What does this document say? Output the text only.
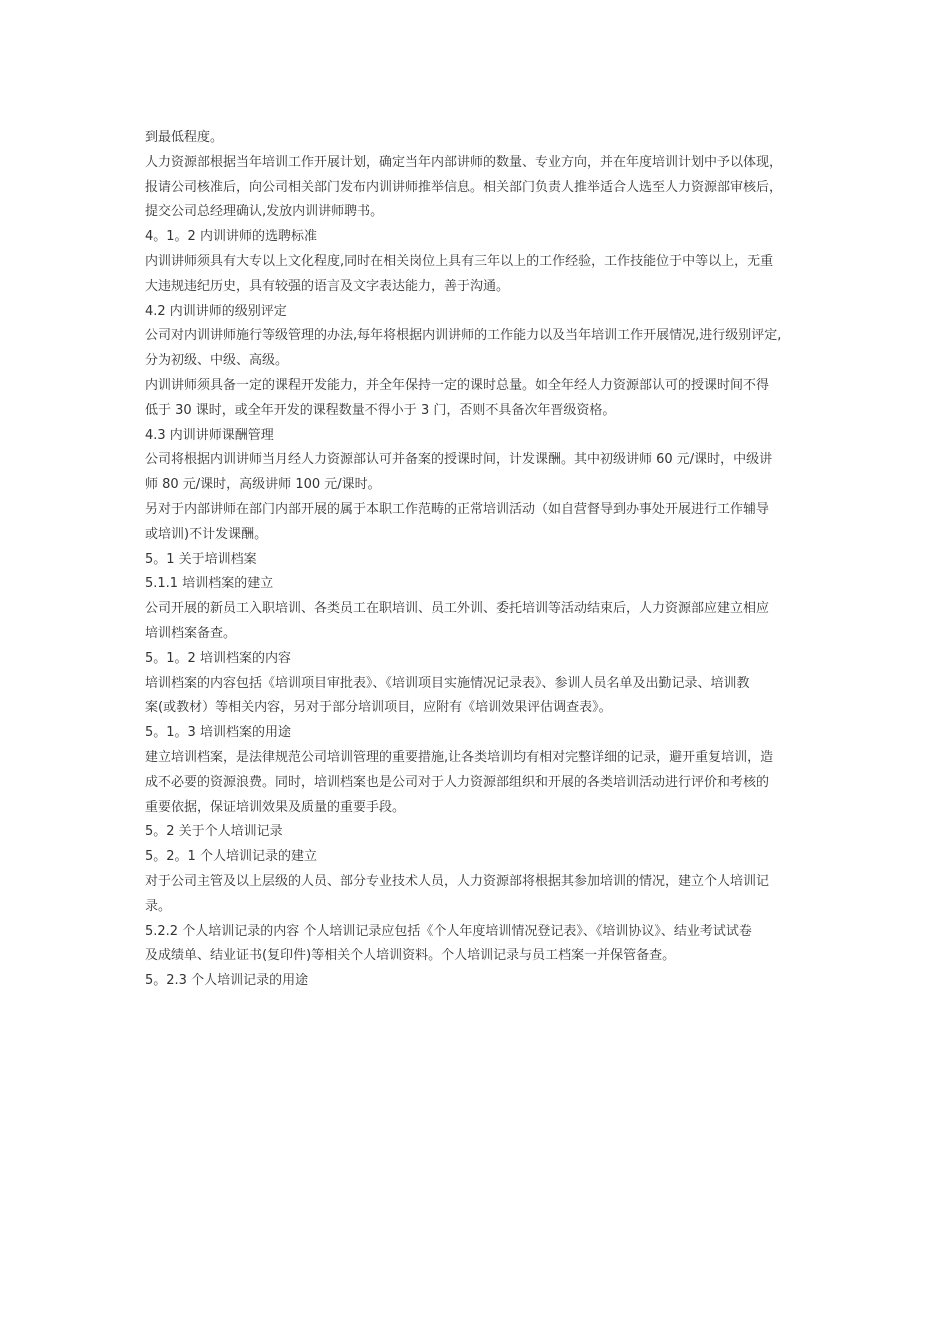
到最低程度。
人力资源部根据当年培训工作开展计划，确定当年内部讲师的数量、专业方向，并在年度培训计划中予以体现，
报请公司核准后，向公司相关部门发布内训讲师推举信息。相关部门负责人推举适合人选至人力资源部审核后，
提交公司总经理确认,发放内训讲师聘书。
4。1。2 内训讲师的选聘标准
内训讲师须具有大专以上文化程度,同时在相关岗位上具有三年以上的工作经验，工作技能位于中等以上，无重
大违规违纪历史，具有较强的语言及文字表达能力，善于沟通。
4.2 内训讲师的级别评定
公司对内训讲师施行等级管理的办法,每年将根据内训讲师的工作能力以及当年培训工作开展情况,进行级别评定,
分为初级、中级、高级。
内训讲师须具备一定的课程开发能力，并全年保持一定的课时总量。如全年经人力资源部认可的授课时间不得
低于 30 课时，或全年开发的课程数量不得小于 3 门，否则不具备次年晋级资格。
4.3 内训讲师课酬管理
公司将根据内训讲师当月经人力资源部认可并备案的授课时间，计发课酬。其中初级讲师 60 元/课时，中级讲
师 80 元/课时，高级讲师 100 元/课时。
另对于内部讲师在部门内部开展的属于本职工作范畴的正常培训活动（如自营督导到办事处开展进行工作辅导
或培训)不计发课酬。
5。1 关于培训档案
5.1.1 培训档案的建立
公司开展的新员工入职培训、各类员工在职培训、员工外训、委托培训等活动结束后，人力资源部应建立相应
培训档案备查。
5。1。2 培训档案的内容
培训档案的内容包括《培训项目审批表》、《培训项目实施情况记录表》、参训人员名单及出勤记录、培训教
案(或教材）等相关内容，另对于部分培训项目，应附有《培训效果评估调查表》。
5。1。3 培训档案的用途
建立培训档案，是法律规范公司培训管理的重要措施,让各类培训均有相对完整详细的记录，避开重复培训，造
成不必要的资源浪费。同时，培训档案也是公司对于人力资源部组织和开展的各类培训活动进行评价和考核的
重要依据，保证培训效果及质量的重要手段。
5。2 关于个人培训记录
5。2。1 个人培训记录的建立
对于公司主管及以上层级的人员、部分专业技术人员，人力资源部将根据其参加培训的情况，建立个人培训记
录。
5.2.2 个人培训记录的内容 个人培训记录应包括《个人年度培训情况登记表》、《培训协议》、结业考试试卷
及成绩单、结业证书(复印件)等相关个人培训资料。个人培训记录与员工档案一并保管备查。
5。2.3 个人培训记录的用途
